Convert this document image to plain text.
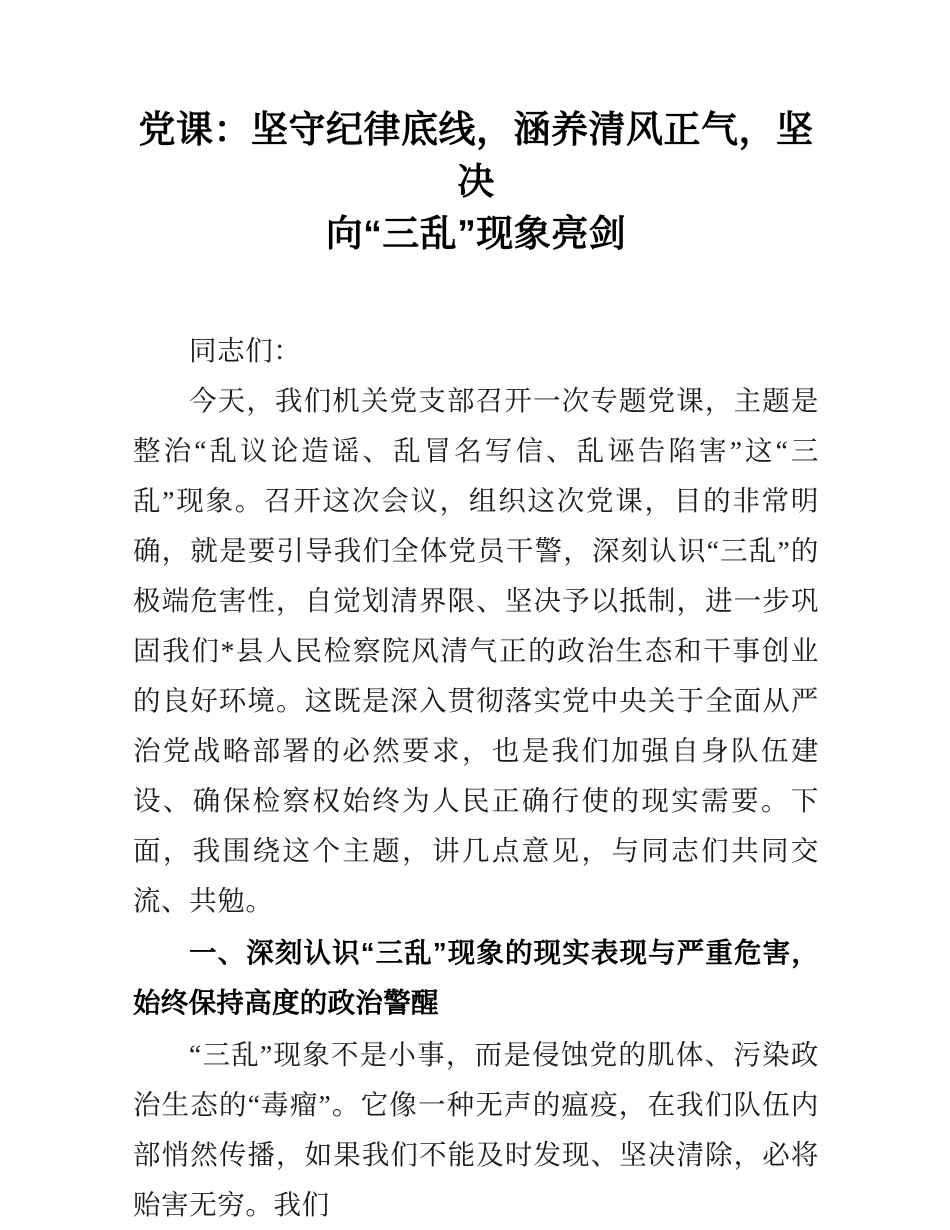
党课：坚守纪律底线，涵养清风正气，坚决
向“三乱”现象亮剑

同志们：

今天，我们机关党支部召开一次专题党课，主题是整治“乱议论造谣、乱冒名写信、乱诬告陷害”这“三乱”现象。召开这次会议，组织这次党课，目的非常明确，就是要引导我们全体党员干警，深刻认识“三乱”的极端危害性，自觉划清界限、坚决予以抵制，进一步巩固我们*县人民检察院风清气正的政治生态和干事创业的良好环境。这既是深入贯彻落实党中央关于全面从严治党战略部署的必然要求，也是我们加强自身队伍建设、确保检察权始终为人民正确行使的现实需要。下面，我围绕这个主题，讲几点意见，与同志们共同交流、共勉。

一、深刻认识“三乱”现象的现实表现与严重危害，始终保持高度的政治警醒

“三乱”现象不是小事，而是侵蚀党的肌体、污染政治生态的“毒瘤”。它像一种无声的瘟疫，在我们队伍内部悄然传播，如果我们不能及时发现、坚决清除，必将贻害无穷。我们
